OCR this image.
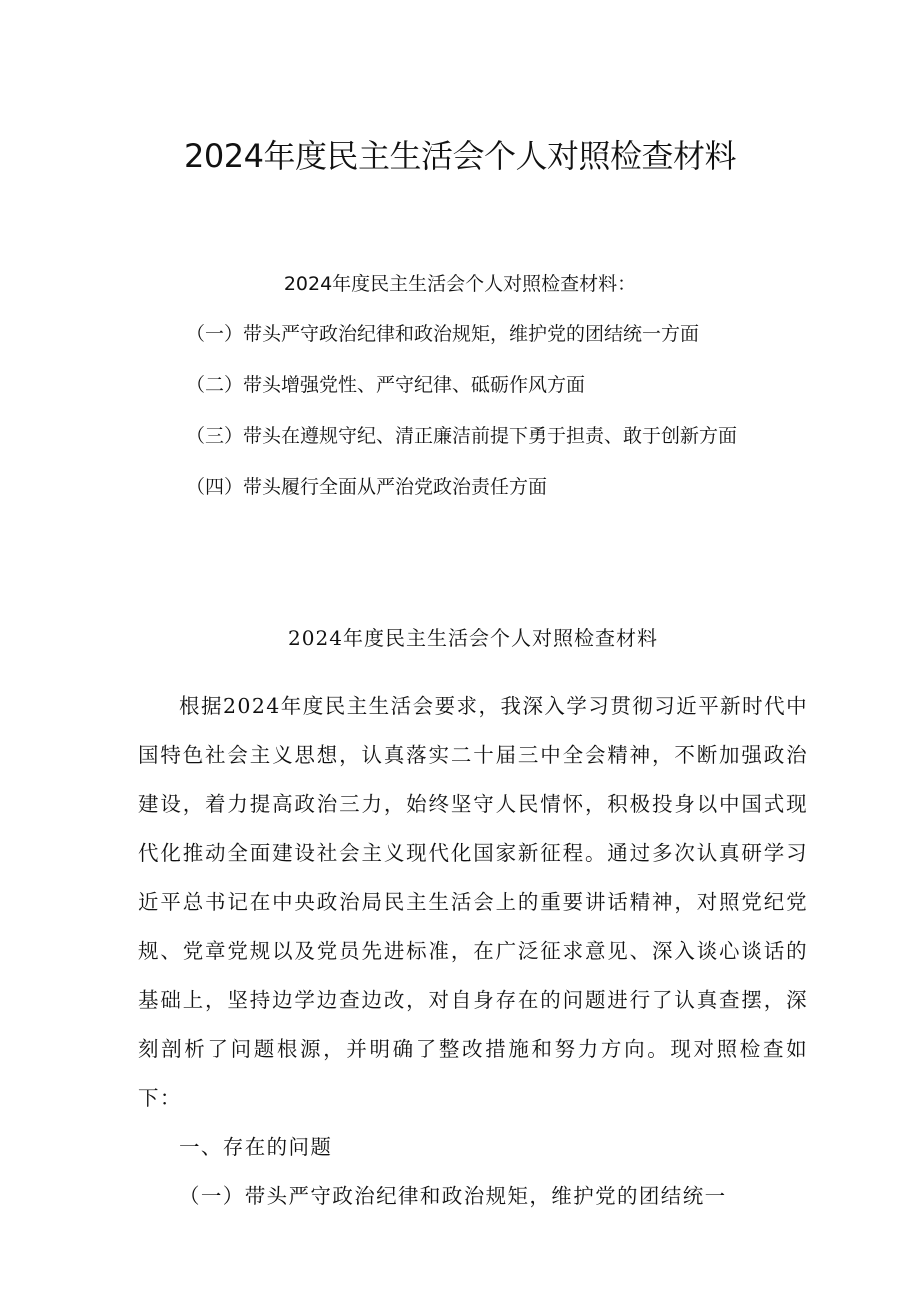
2024年度民主生活会个人对照检查材料
2024年度民主生活会个人对照检查材料：
（一）带头严守政治纪律和政治规矩，维护党的团结统一方面
（二）带头增强党性、严守纪律、砥砺作风方面
（三）带头在遵规守纪、清正廉洁前提下勇于担责、敢于创新方面
（四）带头履行全面从严治党政治责任方面
2024年度民主生活会个人对照检查材料

根据2024年度民主生活会要求，我深入学习贯彻习近平新时代中国特色社会主义思想，认真落实二十届三中全会精神，不断加强政治建设，着力提高政治三力，始终坚守人民情怀，积极投身以中国式现代化推动全面建设社会主义现代化国家新征程。通过多次认真研学习近平总书记在中央政治局民主生活会上的重要讲话精神，对照党纪党规、党章党规以及党员先进标准，在广泛征求意见、深入谈心谈话的基础上，坚持边学边查边改，对自身存在的问题进行了认真查摆，深刻剖析了问题根源，并明确了整改措施和努力方向。现对照检查如下：

一、存在的问题

（一）带头严守政治纪律和政治规矩，维护党的团结统一
